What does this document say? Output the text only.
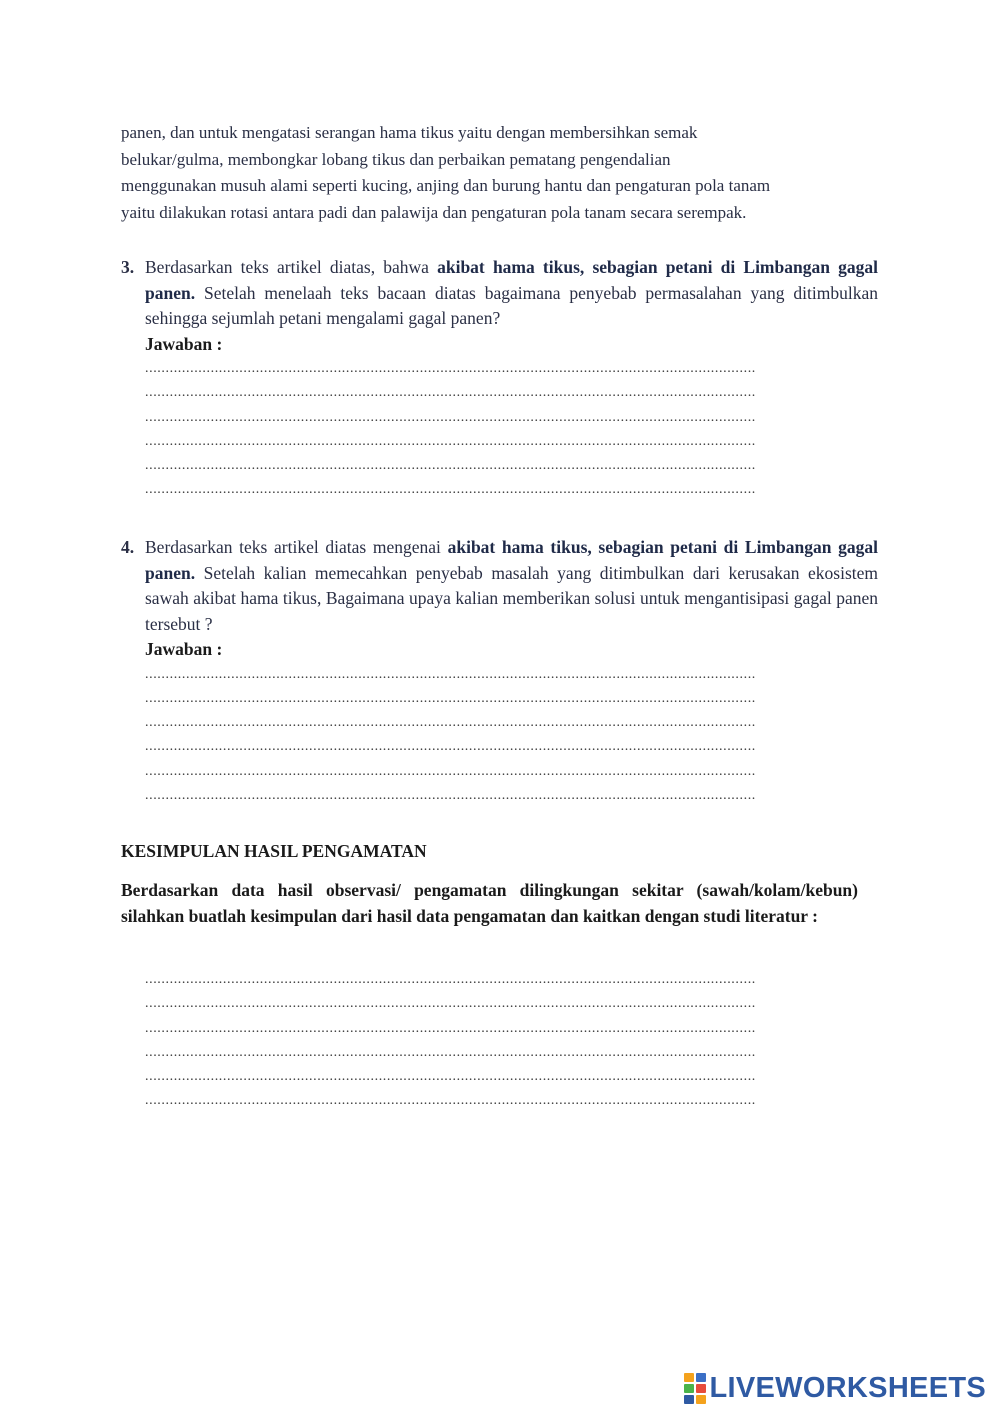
panen, dan untuk mengatasi serangan hama tikus yaitu dengan membersihkan semak

belukar/gulma, membongkar lobang tikus dan perbaikan pematang pengendalian

menggunakan musuh alami seperti kucing, anjing dan burung hantu dan pengaturan pola tanam

yaitu dilakukan rotasi antara padi dan palawija dan pengaturan pola tanam secara serempak.

3. Berdasarkan teks artikel diatas, bahwa akibat hama tikus, sebagian petani di Limbangan gagal panen. Setelah menelaah teks bacaan diatas bagaimana penyebab permasalahan yang ditimbulkan sehingga sejumlah petani mengalami gagal panen?
Jawaban :
.....................................................................................................................................................
.....................................................................................................................................................
.....................................................................................................................................................
.....................................................................................................................................................
.....................................................................................................................................................
.....................................................................................................................................................
4. Berdasarkan teks artikel diatas mengenai akibat hama tikus, sebagian petani di Limbangan gagal panen. Setelah kalian memecahkan penyebab masalah yang ditimbulkan dari kerusakan ekosistem sawah akibat hama tikus, Bagaimana upaya kalian memberikan solusi untuk mengantisipasi gagal panen tersebut ?
Jawaban :
.....................................................................................................................................................
.....................................................................................................................................................
.....................................................................................................................................................
.....................................................................................................................................................
.....................................................................................................................................................
.....................................................................................................................................................
KESIMPULAN HASIL PENGAMATAN
Berdasarkan data hasil observasi/ pengamatan dilingkungan sekitar (sawah/kolam/kebun) silahkan buatlah kesimpulan dari hasil data pengamatan dan kaitkan dengan studi literatur :
.....................................................................................................................................................
.....................................................................................................................................................
.....................................................................................................................................................
.....................................................................................................................................................
.....................................................................................................................................................
.....................................................................................................................................................
LIVEWORKSHEETS
